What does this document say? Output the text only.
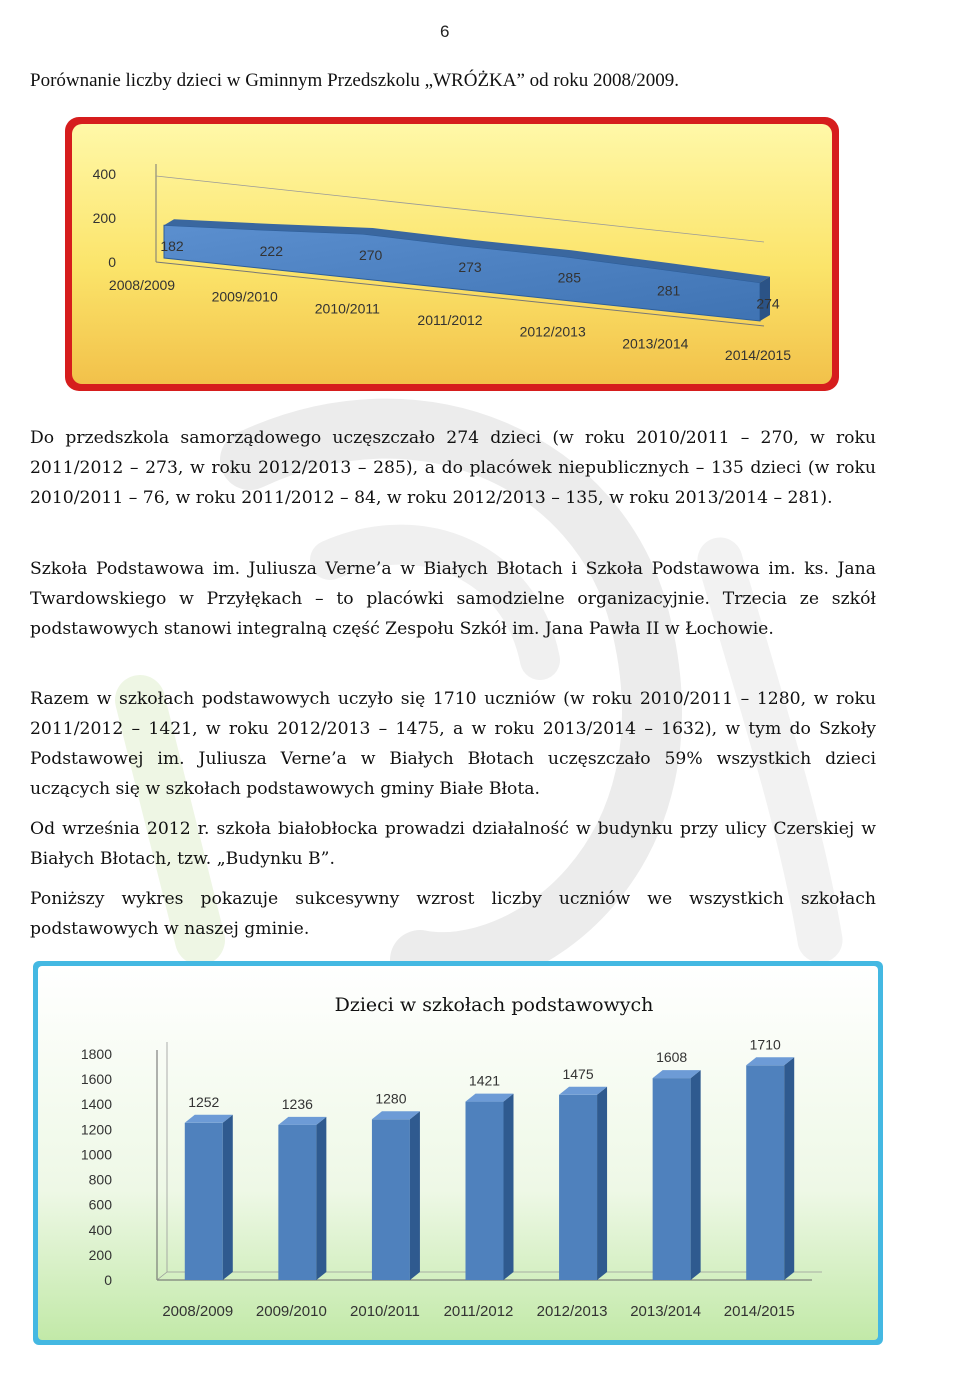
6
Porównanie liczby dzieci w Gminnym Przedszkolu „WRÓŻKA” od roku 2008/2009.
182	222	270
273
285
281
274
0
200
400
2008/2009
2009/2010
2010/2011
2011/2012
2012/2013
2013/2014
2014/2015

Do przedszkola samorządowego uczęszczało 274 dzieci (w roku 2010/2011 – 270, w roku 2011/2012 – 273, w roku 2012/2013 – 285), a do placówek niepublicznych – 135 dzieci (w roku 2010/2011 – 76, w roku 2011/2012 – 84, w roku 2012/2013 – 135, w roku 2013/2014 – 281).

Szkoła Podstawowa im. Juliusza Verne’a w Białych Błotach i Szkoła Podstawowa im. ks. Jana Twardowskiego w Przyłękach – to placówki samodzielne organizacyjnie. Trzecia ze szkół podstawowych stanowi integralną część Zespołu Szkół im. Jana Pawła II w Łochowie.

Razem w szkołach podstawowych uczyło się 1710 uczniów (w roku 2010/2011 – 1280, w roku 2011/2012 – 1421, w roku 2012/2013 – 1475, a w roku 2013/2014 – 1632), w tym do Szkoły Podstawowej im. Juliusza Verne’a w Białych Błotach uczęszczało 59% wszystkich dzieci uczących się w szkołach podstawowych gminy Białe Błota.

Od września 2012 r. szkoła białobłocka prowadzi działalność w budynku przy ulicy Czerskiej w Białych Błotach, tzw. „Budynku B”.

Poniższy wykres pokazuje sukcesywny wzrost liczby uczniów we wszystkich szkołach podstawowych w naszej gminie.

Dzieci w szkołach podstawowych
1252	1236	1280
1421	1475
1608
1710
0
200
400
600
800
1000
1200
1400
1600
1800
2008/2009 2009/2010 2010/2011 2011/2012 2012/2013 2013/2014 2014/2015
